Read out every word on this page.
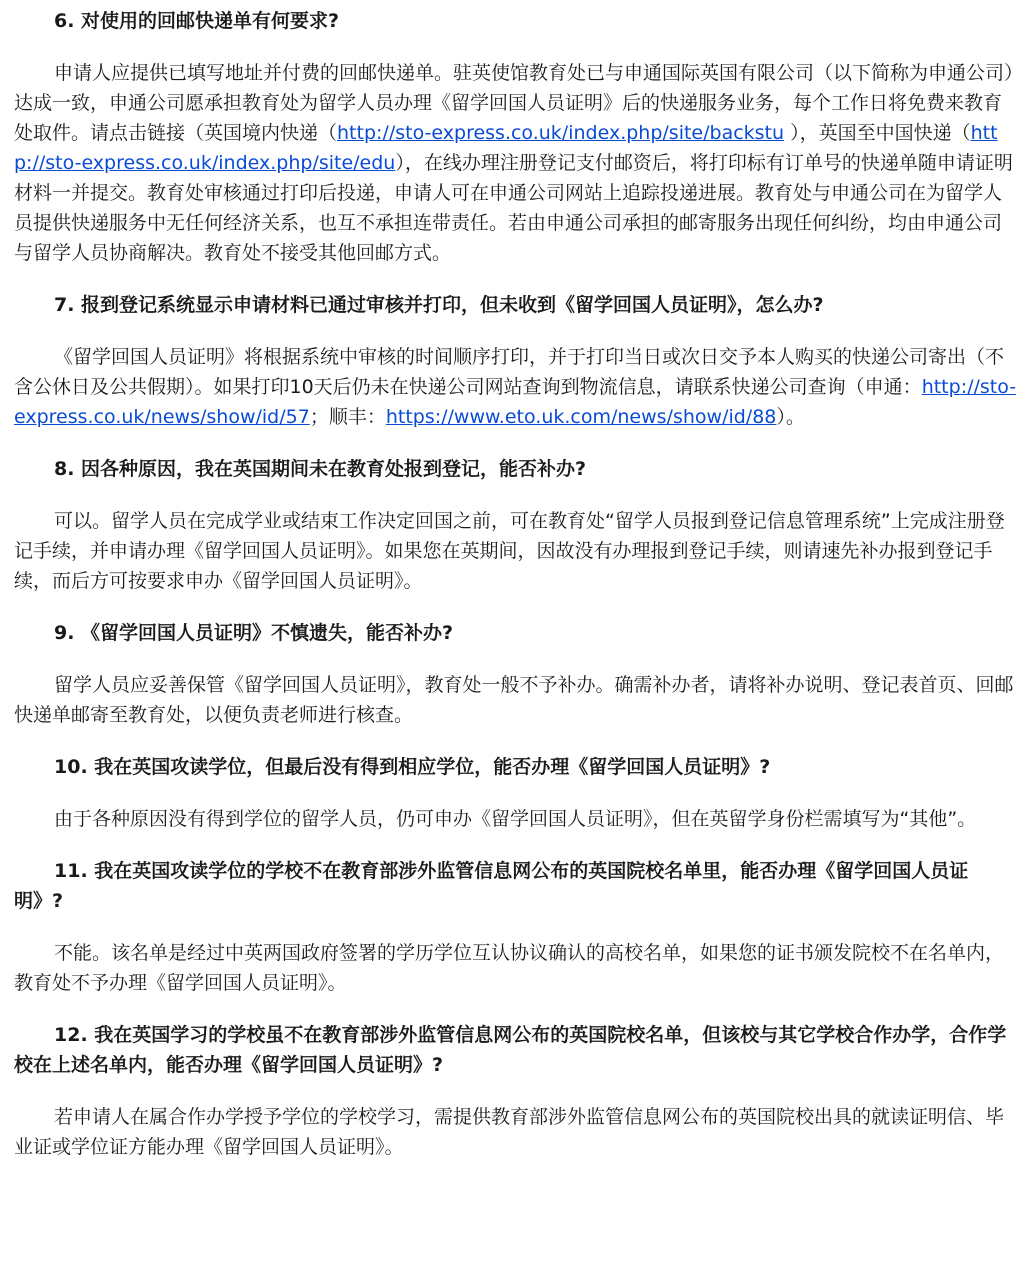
6. 对使用的回邮快递单有何要求?

申请人应提供已填写地址并付费的回邮快递单。驻英使馆教育处已与申通国际英国有限公司（以下简称为申通公司）达成一致，申通公司愿承担教育处为留学人员办理《留学回国人员证明》后的快递服务业务，每个工作日将免费来教育处取件。请点击链接（英国境内快递（http://sto-express.co.uk/index.php/site/backstu ），英国至中国快递（http://sto-express.co.uk/index.php/site/edu），在线办理注册登记支付邮资后，将打印标有订单号的快递单随申请证明材料一并提交。教育处审核通过打印后投递，申请人可在申通公司网站上追踪投递进展。教育处与申通公司在为留学人员提供快递服务中无任何经济关系，也互不承担连带责任。若由申通公司承担的邮寄服务出现任何纠纷，均由申通公司与留学人员协商解决。教育处不接受其他回邮方式。

7. 报到登记系统显示申请材料已通过审核并打印，但未收到《留学回国人员证明》，怎么办?

《留学回国人员证明》将根据系统中审核的时间顺序打印，并于打印当日或次日交予本人购买的快递公司寄出（不含公休日及公共假期）。如果打印10天后仍未在快递公司网站查询到物流信息，请联系快递公司查询（申通：http://sto-express.co.uk/news/show/id/57；顺丰：https://www.eto.uk.com/news/show/id/88）。

8. 因各种原因，我在英国期间未在教育处报到登记，能否补办?

可以。留学人员在完成学业或结束工作决定回国之前，可在教育处“留学人员报到登记信息管理系统”上完成注册登记手续，并申请办理《留学回国人员证明》。如果您在英期间，因故没有办理报到登记手续，则请速先补办报到登记手续，而后方可按要求申办《留学回国人员证明》。

9. 《留学回国人员证明》不慎遗失，能否补办?

留学人员应妥善保管《留学回国人员证明》，教育处一般不予补办。确需补办者，请将补办说明、登记表首页、回邮快递单邮寄至教育处，以便负责老师进行核查。

10. 我在英国攻读学位，但最后没有得到相应学位，能否办理《留学回国人员证明》?

由于各种原因没有得到学位的留学人员，仍可申办《留学回国人员证明》，但在英留学身份栏需填写为“其他”。

11. 我在英国攻读学位的学校不在教育部涉外监管信息网公布的英国院校名单里，能否办理《留学回国人员证明》?

不能。该名单是经过中英两国政府签署的学历学位互认协议确认的高校名单，如果您的证书颁发院校不在名单内，教育处不予办理《留学回国人员证明》。

12. 我在英国学习的学校虽不在教育部涉外监管信息网公布的英国院校名单，但该校与其它学校合作办学，合作学校在上述名单内，能否办理《留学回国人员证明》?

若申请人在属合作办学授予学位的学校学习，需提供教育部涉外监管信息网公布的英国院校出具的就读证明信、毕业证或学位证方能办理《留学回国人员证明》。
